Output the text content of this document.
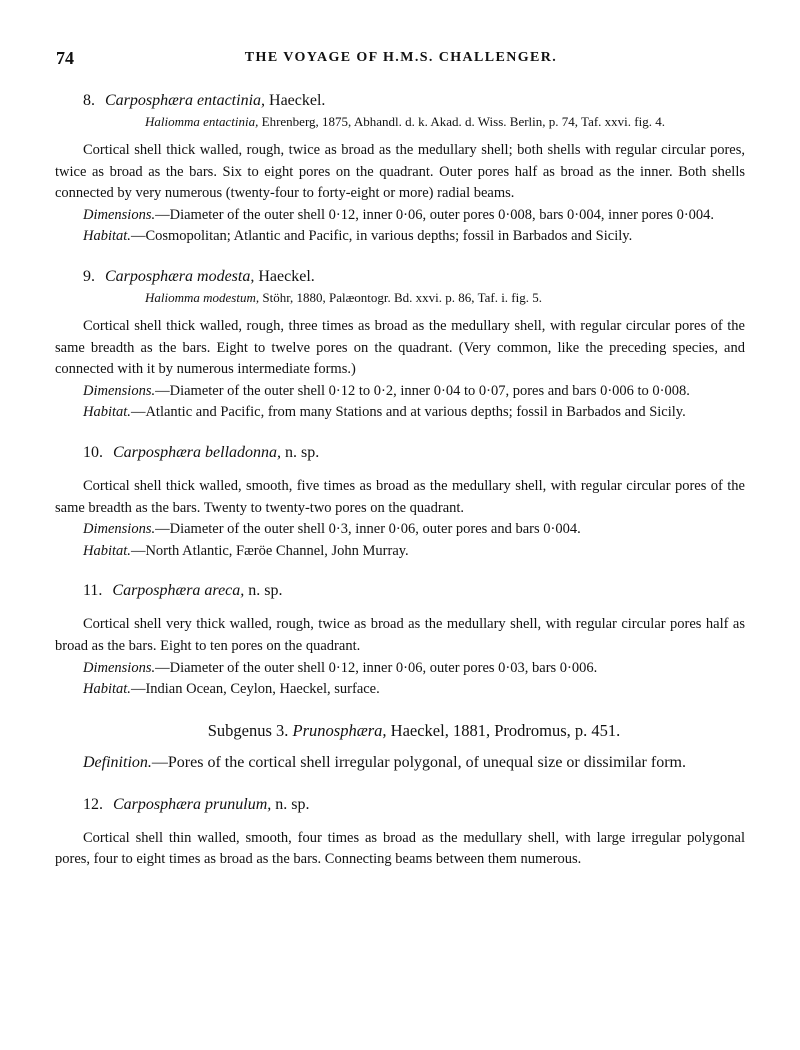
74	THE VOYAGE OF H.M.S. CHALLENGER.
8. Carposphæra entactinia, Haeckel.
Haliomma entactinia, Ehrenberg, 1875, Abhandl. d. k. Akad. d. Wiss. Berlin, p. 74, Taf. xxvi. fig. 4.

Cortical shell thick walled, rough, twice as broad as the medullary shell; both shells with regular circular pores, twice as broad as the bars. Six to eight pores on the quadrant. Outer pores half as broad as the inner. Both shells connected by very numerous (twenty-four to forty-eight or more) radial beams.

Dimensions.—Diameter of the outer shell 0·12, inner 0·06, outer pores 0·008, bars 0·004, inner pores 0·004.

Habitat.—Cosmopolitan; Atlantic and Pacific, in various depths; fossil in Barbados and Sicily.

9. Carposphæra modesta, Haeckel.
Haliomma modestum, Stöhr, 1880, Palæontogr. Bd. xxvi. p. 86, Taf. i. fig. 5.

Cortical shell thick walled, rough, three times as broad as the medullary shell, with regular circular pores of the same breadth as the bars. Eight to twelve pores on the quadrant. (Very common, like the preceding species, and connected with it by numerous intermediate forms.)

Dimensions.—Diameter of the outer shell 0·12 to 0·2, inner 0·04 to 0·07, pores and bars 0·006 to 0·008.

Habitat.—Atlantic and Pacific, from many Stations and at various depths; fossil in Barbados and Sicily.

10. Carposphæra belladonna, n. sp.

Cortical shell thick walled, smooth, five times as broad as the medullary shell, with regular circular pores of the same breadth as the bars. Twenty to twenty-two pores on the quadrant.

Dimensions.—Diameter of the outer shell 0·3, inner 0·06, outer pores and bars 0·004.

Habitat.—North Atlantic, Færöe Channel, John Murray.

11. Carposphæra areca, n. sp.

Cortical shell very thick walled, rough, twice as broad as the medullary shell, with regular circular pores half as broad as the bars. Eight to ten pores on the quadrant.

Dimensions.—Diameter of the outer shell 0·12, inner 0·06, outer pores 0·03, bars 0·006.

Habitat.—Indian Ocean, Ceylon, Haeckel, surface.

Subgenus 3. Prunosphæra, Haeckel, 1881, Prodromus, p. 451.

Definition.—Pores of the cortical shell irregular polygonal, of unequal size or dissimilar form.

12. Carposphæra prunulum, n. sp.

Cortical shell thin walled, smooth, four times as broad as the medullary shell, with large irregular polygonal pores, four to eight times as broad as the bars. Connecting beams between them numerous.
